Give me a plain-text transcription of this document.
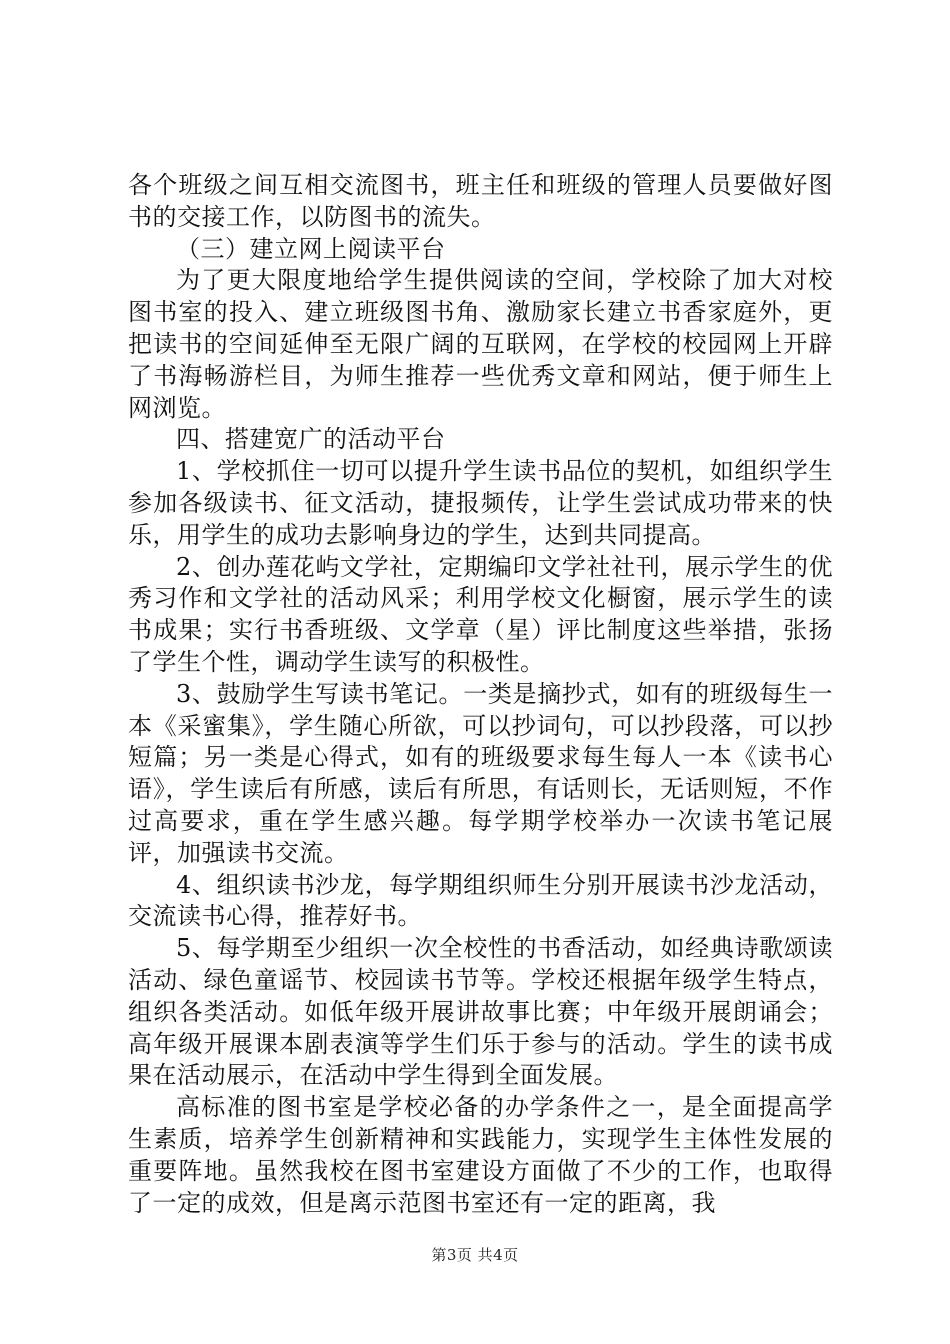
各个班级之间互相交流图书，班主任和班级的管理人员要做好图书的交接工作，以防图书的流失。

（三）建立网上阅读平台

为了更大限度地给学生提供阅读的空间，学校除了加大对校图书室的投入、建立班级图书角、激励家长建立书香家庭外，更把读书的空间延伸至无限广阔的互联网，在学校的校园网上开辟了书海畅游栏目，为师生推荐一些优秀文章和网站，便于师生上网浏览。

四、搭建宽广的活动平台

1、学校抓住一切可以提升学生读书品位的契机，如组织学生参加各级读书、征文活动，捷报频传，让学生尝试成功带来的快乐，用学生的成功去影响身边的学生，达到共同提高。

2、创办莲花屿文学社，定期编印文学社社刊，展示学生的优秀习作和文学社的活动风采；利用学校文化橱窗，展示学生的读书成果；实行书香班级、文学章（星）评比制度这些举措，张扬了学生个性，调动学生读写的积极性。

3、鼓励学生写读书笔记。一类是摘抄式，如有的班级每生一本《采蜜集》，学生随心所欲，可以抄词句，可以抄段落，可以抄短篇；另一类是心得式，如有的班级要求每生每人一本《读书心语》，学生读后有所感，读后有所思，有话则长，无话则短，不作过高要求，重在学生感兴趣。每学期学校举办一次读书笔记展评，加强读书交流。

4、组织读书沙龙，每学期组织师生分别开展读书沙龙活动，交流读书心得，推荐好书。

5、每学期至少组织一次全校性的书香活动，如经典诗歌颂读活动、绿色童谣节、校园读书节等。学校还根据年级学生特点，组织各类活动。如低年级开展讲故事比赛；中年级开展朗诵会；高年级开展课本剧表演等学生们乐于参与的活动。学生的读书成果在活动展示，在活动中学生得到全面发展。

高标准的图书室是学校必备的办学条件之一，是全面提高学生素质，培养学生创新精神和实践能力，实现学生主体性发展的重要阵地。虽然我校在图书室建设方面做了不少的工作，也取得了一定的成效，但是离示范图书室还有一定的距离，我

第3页 共4页
